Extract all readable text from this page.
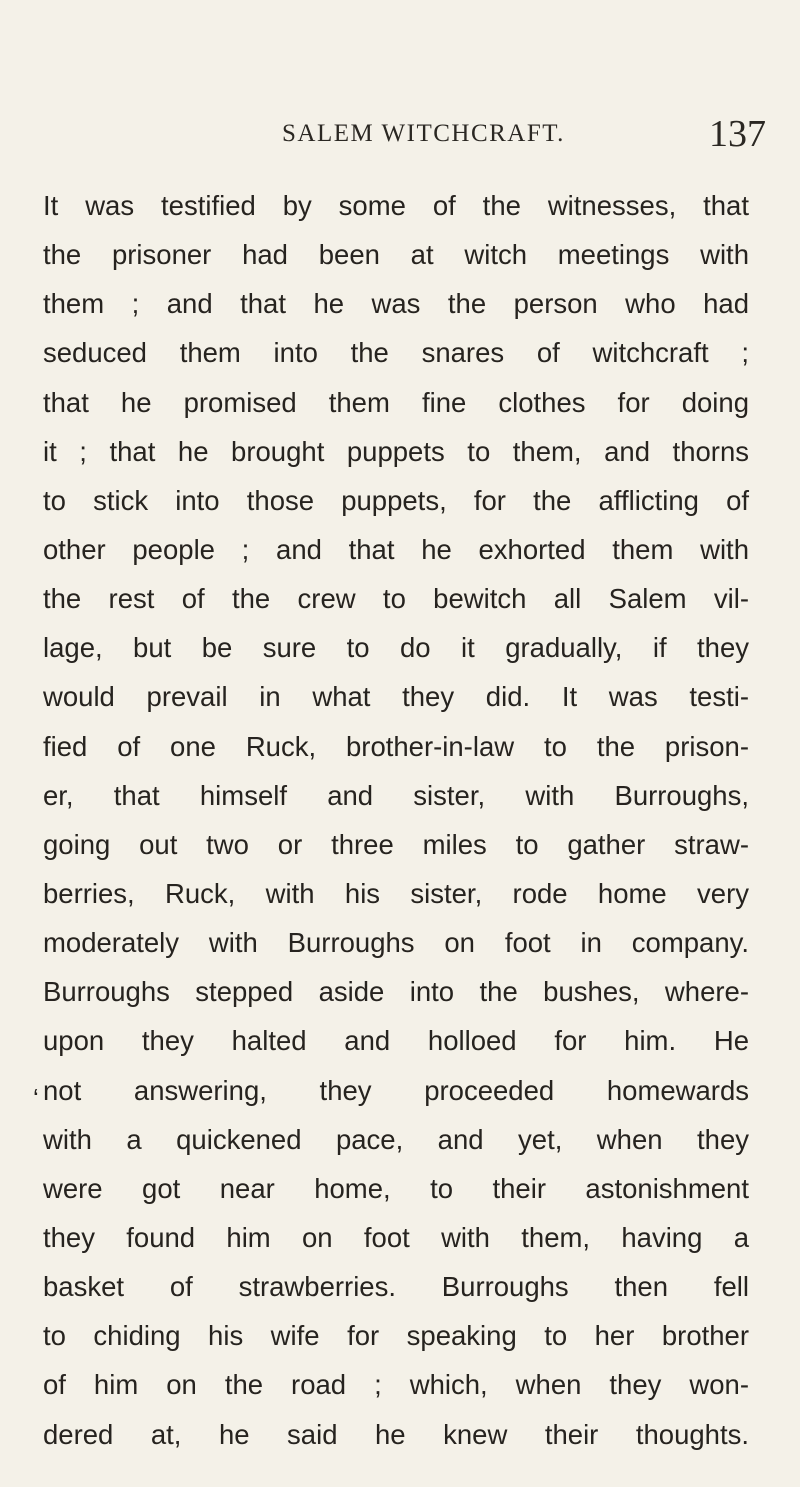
SALEM WITCHCRAFT.	137
‘
It was testified by some of the witnesses, that
the prisoner had been at witch meetings with
them ; and that he was the person who had
seduced them into the snares of witchcraft ;
that he promised them fine clothes for doing
it ; that he brought puppets to them, and thorns
to stick into those puppets, for the afflicting of
other people ; and that he exhorted them with
the rest of the crew to bewitch all Salem vil-
lage, but be sure to do it gradually, if they
would prevail in what they did. It was testi-
fied of one Ruck, brother-in-law to the prison-
er, that himself and sister, with Burroughs,
going out two or three miles to gather straw-
berries, Ruck, with his sister, rode home very
moderately with Burroughs on foot in company.
Burroughs stepped aside into the bushes, where-
upon they halted and holloed for him. He
not answering, they proceeded homewards
with a quickened pace, and yet, when they
were got near home, to their astonishment
they found him on foot with them, having a
basket of strawberries. Burroughs then fell
to chiding his wife for speaking to her brother
of him on the road ; which, when they won-
dered at, he said he knew their thoughts.
